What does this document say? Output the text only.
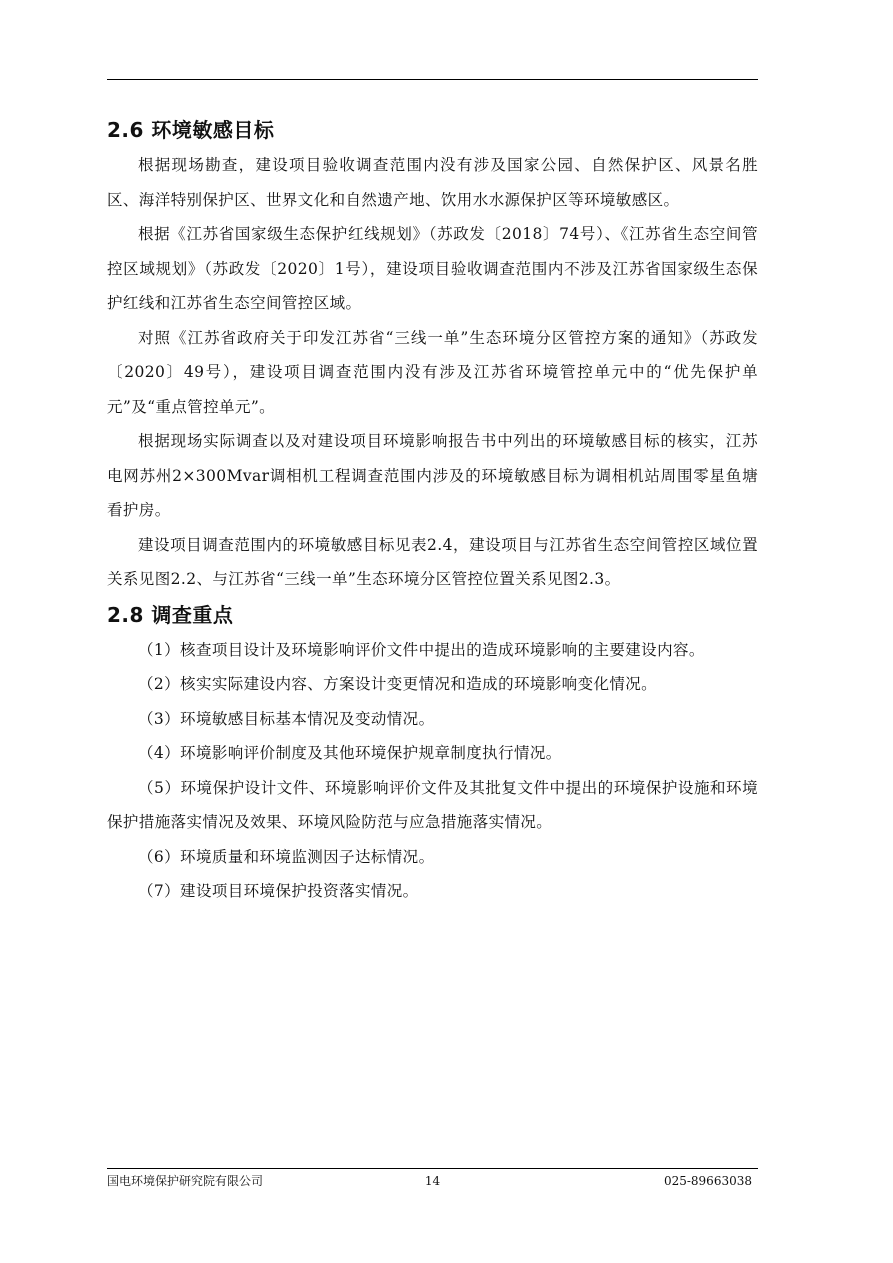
2.6 环境敏感目标

根据现场勘查，建设项目验收调查范围内没有涉及国家公园、自然保护区、风景名胜区、海洋特别保护区、世界文化和自然遗产地、饮用水水源保护区等环境敏感区。

根据《江苏省国家级生态保护红线规划》（苏政发〔2018〕74号）、《江苏省生态空间管控区域规划》（苏政发〔2020〕1号），建设项目验收调查范围内不涉及江苏省国家级生态保护红线和江苏省生态空间管控区域。

对照《江苏省政府关于印发江苏省“三线一单”生态环境分区管控方案的通知》（苏政发〔2020〕49号），建设项目调查范围内没有涉及江苏省环境管控单元中的“优先保护单元”及“重点管控单元”。

根据现场实际调查以及对建设项目环境影响报告书中列出的环境敏感目标的核实，江苏电网苏州2×300Mvar调相机工程调查范围内涉及的环境敏感目标为调相机站周围零星鱼塘看护房。

建设项目调查范围内的环境敏感目标见表2.4，建设项目与江苏省生态空间管控区域位置关系见图2.2、与江苏省“三线一单”生态环境分区管控位置关系见图2.3。

2.8 调查重点

（1）核查项目设计及环境影响评价文件中提出的造成环境影响的主要建设内容。

（2）核实实际建设内容、方案设计变更情况和造成的环境影响变化情况。

（3）环境敏感目标基本情况及变动情况。

（4）环境影响评价制度及其他环境保护规章制度执行情况。

（5）环境保护设计文件、环境影响评价文件及其批复文件中提出的环境保护设施和环境保护措施落实情况及效果、环境风险防范与应急措施落实情况。

（6）环境质量和环境监测因子达标情况。

（7）建设项目环境保护投资落实情况。

国电环境保护研究院有限公司	14	025-89663038
